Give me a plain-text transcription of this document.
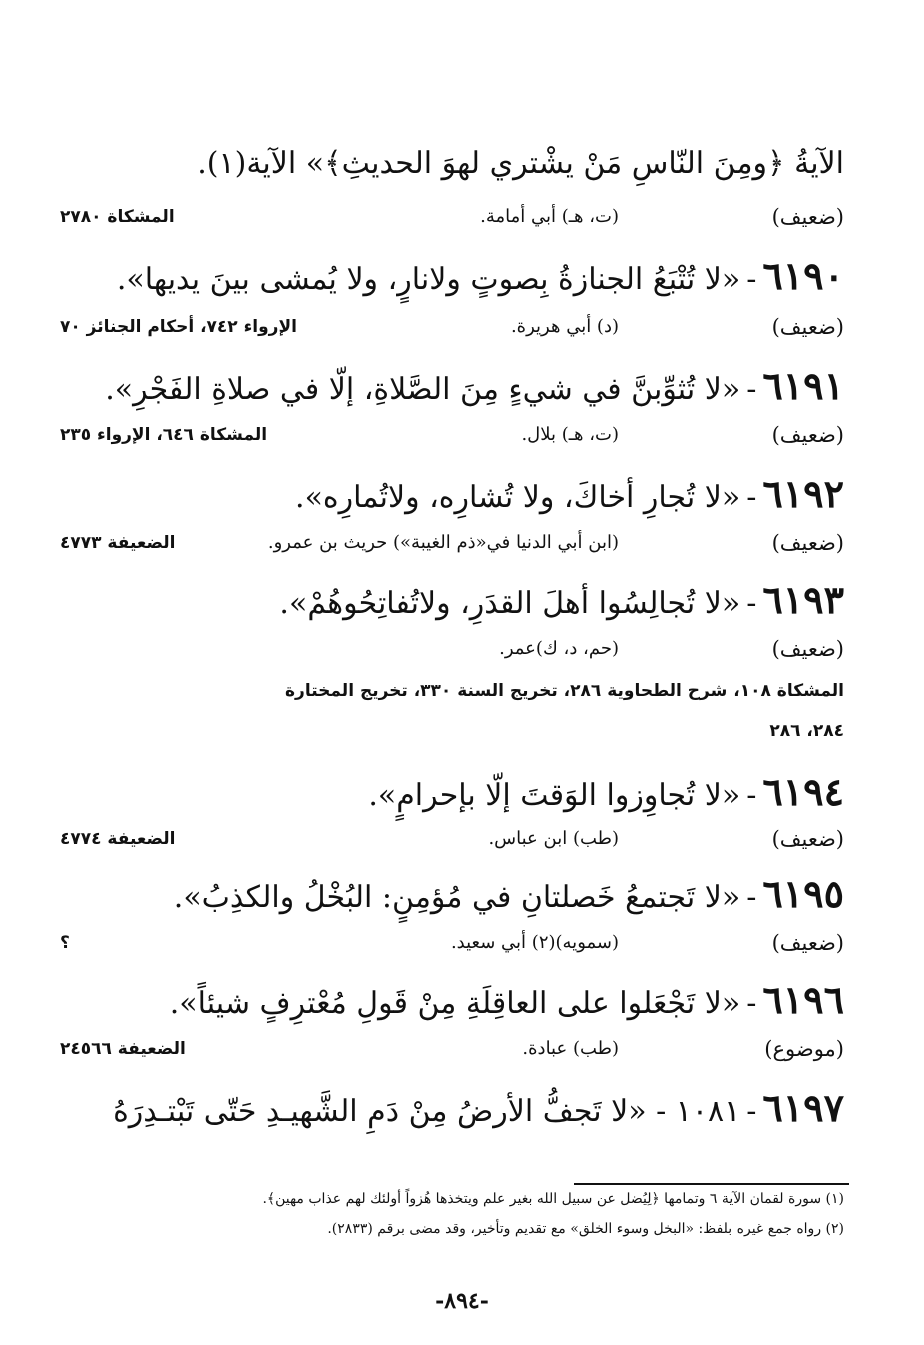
الآيةُ ﴿ومِنَ النّاسِ مَنْ يشْتري لهوَ الحديثِ﴾» الآية(١).
(ضعيف)
(ت، هـ) أبي أمامة.
المشكاة ٢٧٨٠
٦١٩٠-«لا تُتْبَعُ الجنازةُ بِصوتٍ ولانارٍ، ولا يُمشى بينَ يديها».
(ضعيف)
(د) أبي هريرة.
الإرواء ٧٤٢، أحكام الجنائز ٧٠
٦١٩١-«لا تُثوِّبنَّ في شيءٍ مِنَ الصَّلاةِ، إلّا في صلاةِ الفَجْرِ».
(ضعيف)
(ت، هـ) بلال.
المشكاة ٦٤٦، الإرواء ٢٣٥
٦١٩٢-«لا تُجارِ أخاكَ، ولا تُشارِه، ولاتُمارِه».
(ضعيف)
(ابن أبي الدنيا في«ذم الغيبة») حريث بن عمرو.
الضعيفة ٤٧٧٣
٦١٩٣-«لا تُجالِسُوا أهلَ القدَرِ، ولاتُفاتِحُوهُمْ».
(ضعيف)
(حم، د، ك)عمر.
المشكاة ١٠٨، شرح الطحاوية ٢٨٦، تخريج السنة ٣٣٠، تخريج المختارة
٢٨٤، ٢٨٦
٦١٩٤-«لا تُجاوِزوا الوَقتَ إلّا بإحرامٍ».
(ضعيف)
(طب) ابن عباس.
الضعيفة ٤٧٧٤
٦١٩٥-«لا تَجتمعُ خَصلتانِ في مُؤمِنٍ: البُخْلُ والكذِبُ».
(ضعيف)
(سمويه)(٢) أبي سعيد.
؟
٦١٩٦-«لا تَجْعَلوا على العاقِلَةِ مِنْ قَولِ مُعْترِفٍ شيئاً».
(موضوع)
(طب) عبادة.
الضعيفة ٢٤٥٦٦
٦١٩٧-١٠٨١ - «لا تَجفُّ الأرضُ مِنْ دَمِ الشَّهيـدِ حَتّى تَبْتـدِرَهُ
(١) سورة لقمان الآية ٦ وتمامها ﴿لِيُضل عن سبيل الله بغير علم ويتخذها هُزواً أولئك لهم عذاب مهين﴾.
(٢) رواه جمع غيره بلفظ: «البخل وسوء الخلق» مع تقديم وتأخير، وقد مضى برقم (٢٨٣٣).
-٨٩٤-
